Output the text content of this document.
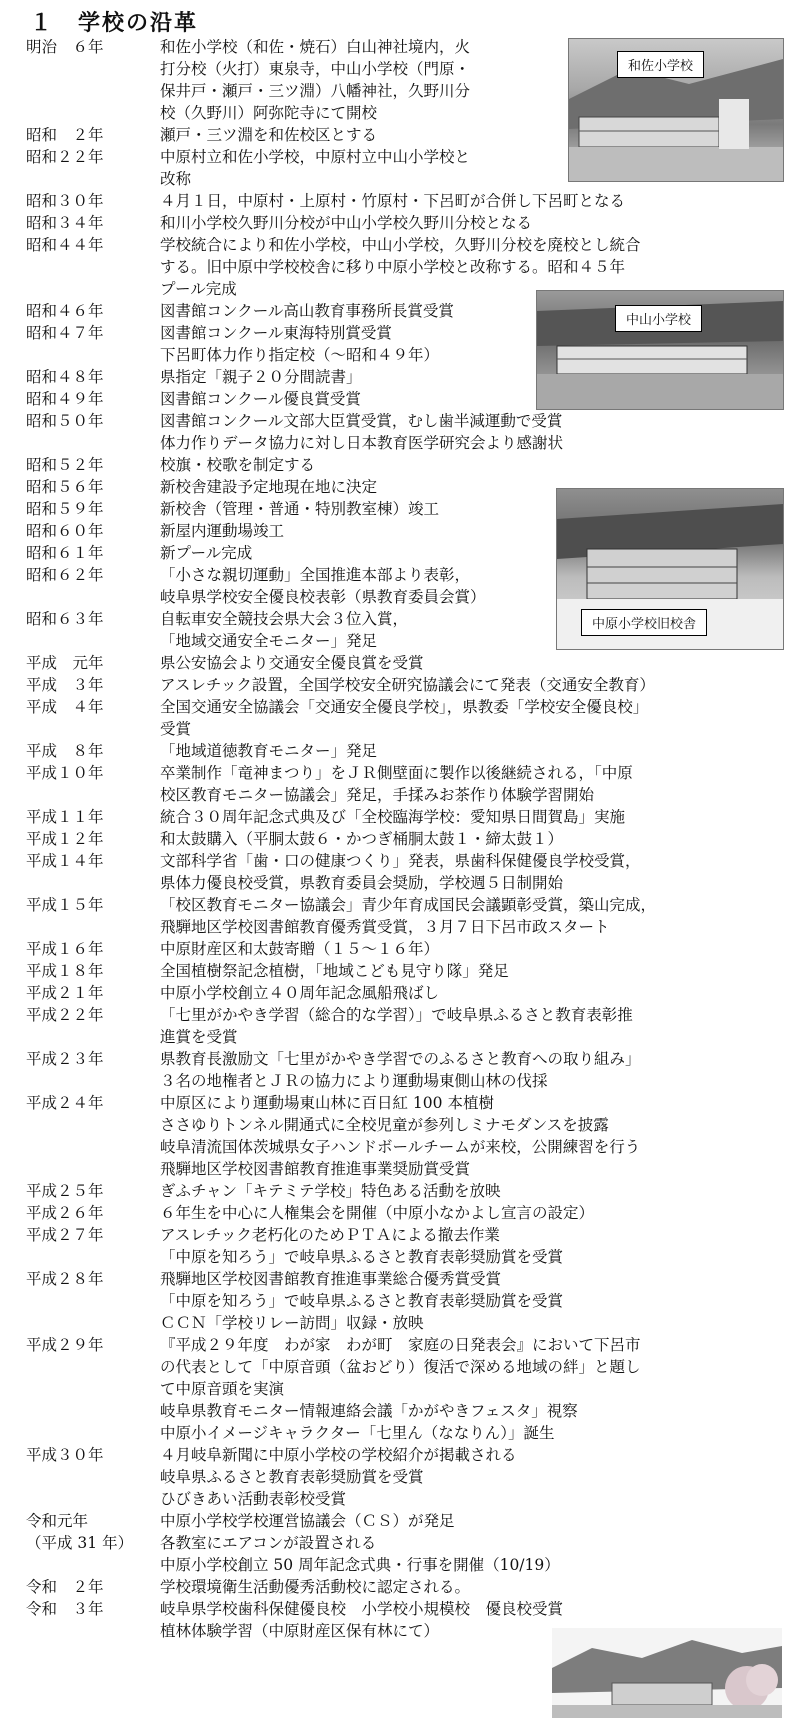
１　学校の沿革
明治　６年	和佐小学校（和佐・焼石）白山神社境内，火
打分校（火打）東泉寺，中山小学校（門原・
保井戸・瀬戸・三ツ淵）八幡神社，久野川分
校（久野川）阿弥陀寺にて開校
昭和　２年	瀬戸・三ツ淵を和佐校区とする
昭和２２年	中原村立和佐小学校，中原村立中山小学校と
改称
昭和３０年	４月１日，中原村・上原村・竹原村・下呂町が合併し下呂町となる
昭和３４年	和川小学校久野川分校が中山小学校久野川分校となる
昭和４４年	学校統合により和佐小学校，中山小学校，久野川分校を廃校とし統合
する。旧中原中学校校舎に移り中原小学校と改称する。昭和４５年
プール完成
昭和４６年	図書館コンクール高山教育事務所長賞受賞
昭和４７年	図書館コンクール東海特別賞受賞
下呂町体力作り指定校（～昭和４９年）
昭和４８年	県指定「親子２０分間読書」
昭和４９年	図書館コンクール優良賞受賞
昭和５０年	図書館コンクール文部大臣賞受賞，むし歯半減運動で受賞
体力作りデータ協力に対し日本教育医学研究会より感謝状
昭和５２年	校旗・校歌を制定する
昭和５６年	新校舎建設予定地現在地に決定
昭和５９年	新校舎（管理・普通・特別教室棟）竣工
昭和６０年	新屋内運動場竣工
昭和６１年	新プール完成
昭和６２年	「小さな親切運動」全国推進本部より表彰，
岐阜県学校安全優良校表彰（県教育委員会賞）
昭和６３年	自転車安全競技会県大会３位入賞，
「地域交通安全モニター」発足
平成　元年	県公安協会より交通安全優良賞を受賞
平成　３年	アスレチック設置，全国学校安全研究協議会にて発表（交通安全教育）
平成　４年	全国交通安全協議会「交通安全優良学校」，県教委「学校安全優良校」
受賞
平成　８年	「地域道徳教育モニター」発足
平成１０年	卒業制作「竜神まつり」をＪＲ側壁面に製作以後継続される，「中原
校区教育モニター協議会」発足，手揉みお茶作り体験学習開始
平成１１年	統合３０周年記念式典及び「全校臨海学校：愛知県日間賀島」実施
平成１２年	和太鼓購入（平胴太鼓６・かつぎ桶胴太鼓１・締太鼓１）
平成１４年	文部科学省「歯・口の健康つくり」発表，県歯科保健優良学校受賞，
県体力優良校受賞，県教育委員会奨励，学校週５日制開始
平成１５年	「校区教育モニター協議会」青少年育成国民会議顕彰受賞，築山完成，
飛騨地区学校図書館教育優秀賞受賞，３月７日下呂市政スタート
平成１６年	中原財産区和太鼓寄贈（１５～１６年）
平成１８年	全国植樹祭記念植樹，「地域こども見守り隊」発足
平成２１年	中原小学校創立４０周年記念風船飛ばし
平成２２年	「七里がかやき学習（総合的な学習）」で岐阜県ふるさと教育表彰推
進賞を受賞
平成２３年	県教育長激励文「七里がかやき学習でのふるさと教育への取り組み」
３名の地権者とＪＲの協力により運動場東側山林の伐採
平成２４年	中原区により運動場東山林に百日紅 100 本植樹
ささゆりトンネル開通式に全校児童が参列しミナモダンスを披露
岐阜清流国体茨城県女子ハンドボールチームが来校，公開練習を行う
飛騨地区学校図書館教育推進事業奨励賞受賞
平成２５年	ぎふチャン「キテミテ学校」特色ある活動を放映
平成２６年	６年生を中心に人権集会を開催（中原小なかよし宣言の設定）
平成２７年	アスレチック老朽化のためＰＴＡによる撤去作業
「中原を知ろう」で岐阜県ふるさと教育表彰奨励賞を受賞
平成２８年	飛騨地区学校図書館教育推進事業総合優秀賞受賞
「中原を知ろう」で岐阜県ふるさと教育表彰奨励賞を受賞
ＣＣＮ「学校リレー訪問」収録・放映
平成２９年	『平成２９年度　わが家　わが町　家庭の日発表会』において下呂市
の代表として「中原音頭（盆おどり）復活で深める地域の絆」と題し
て中原音頭を実演
岐阜県教育モニター情報連絡会議「かがやきフェスタ」視察
中原小イメージキャラクター「七里ん（ななりん）」誕生
平成３０年	４月岐阜新聞に中原小学校の学校紹介が掲載される
岐阜県ふるさと教育表彰奨励賞を受賞
ひびきあい活動表彰校受賞
令和元年	中原小学校学校運営協議会（ＣＳ）が発足
（平成 31 年）	各教室にエアコンが設置される
中原小学校創立 50 周年記念式典・行事を開催（10/19）
令和　２年	学校環境衛生活動優秀活動校に認定される。
令和　３年	岐阜県学校歯科保健優良校　小学校小規模校　優良校受賞
植林体験学習（中原財産区保有林にて）
和佐小学校
中山小学校
中原小学校旧校舎
